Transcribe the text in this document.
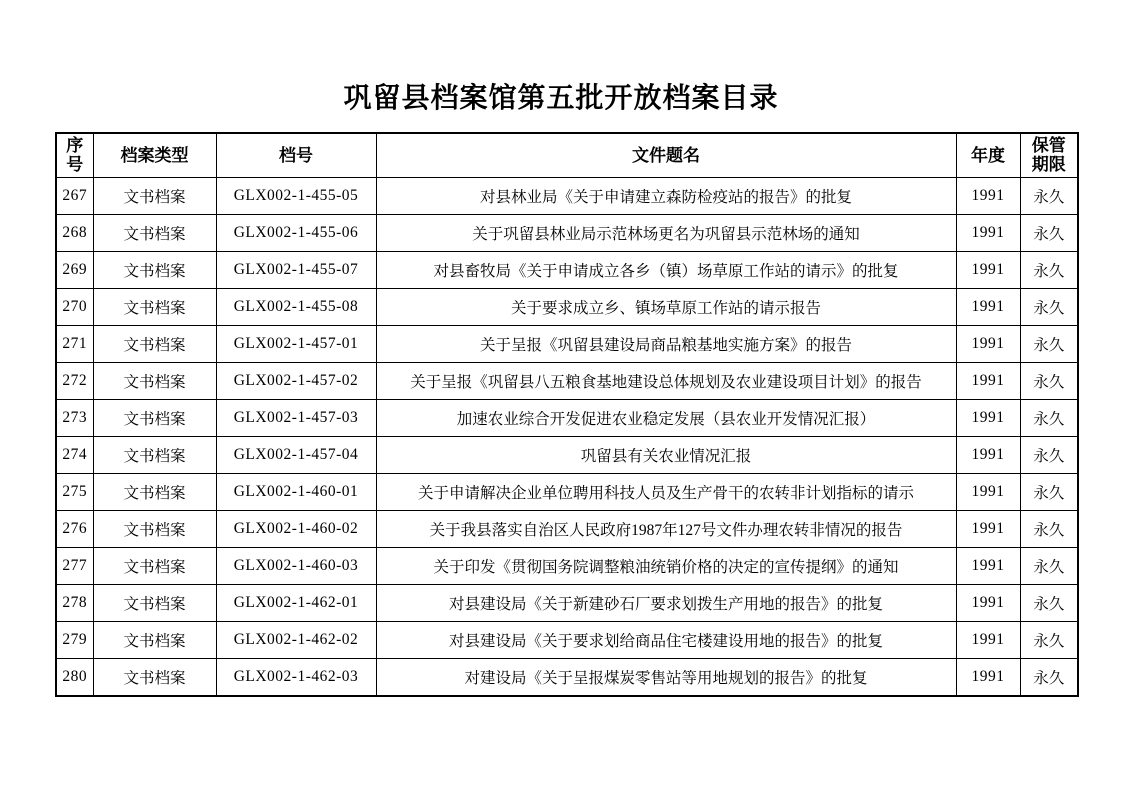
巩留县档案馆第五批开放档案目录
序号	档案类型	档号	文件题名	年度	保管期限
267	文书档案	GLX002-1-455-05	对县林业局《关于申请建立森防检疫站的报告》的批复	1991	永久
268	文书档案	GLX002-1-455-06	关于巩留县林业局示范林场更名为巩留县示范林场的通知	1991	永久
269	文书档案	GLX002-1-455-07	对县畜牧局《关于申请成立各乡（镇）场草原工作站的请示》的批复	1991	永久
270	文书档案	GLX002-1-455-08	关于要求成立乡、镇场草原工作站的请示报告	1991	永久
271	文书档案	GLX002-1-457-01	关于呈报《巩留县建设局商品粮基地实施方案》的报告	1991	永久
272	文书档案	GLX002-1-457-02	关于呈报《巩留县八五粮食基地建设总体规划及农业建设项目计划》的报告	1991	永久
273	文书档案	GLX002-1-457-03	加速农业综合开发促进农业稳定发展（县农业开发情况汇报）	1991	永久
274	文书档案	GLX002-1-457-04	巩留县有关农业情况汇报	1991	永久
275	文书档案	GLX002-1-460-01	关于申请解决企业单位聘用科技人员及生产骨干的农转非计划指标的请示	1991	永久
276	文书档案	GLX002-1-460-02	关于我县落实自治区人民政府1987年127号文件办理农转非情况的报告	1991	永久
277	文书档案	GLX002-1-460-03	关于印发《贯彻国务院调整粮油统销价格的决定的宣传提纲》的通知	1991	永久
278	文书档案	GLX002-1-462-01	对县建设局《关于新建砂石厂要求划拨生产用地的报告》的批复	1991	永久
279	文书档案	GLX002-1-462-02	对县建设局《关于要求划给商品住宅楼建设用地的报告》的批复	1991	永久
280	文书档案	GLX002-1-462-03	对建设局《关于呈报煤炭零售站等用地规划的报告》的批复	1991	永久
